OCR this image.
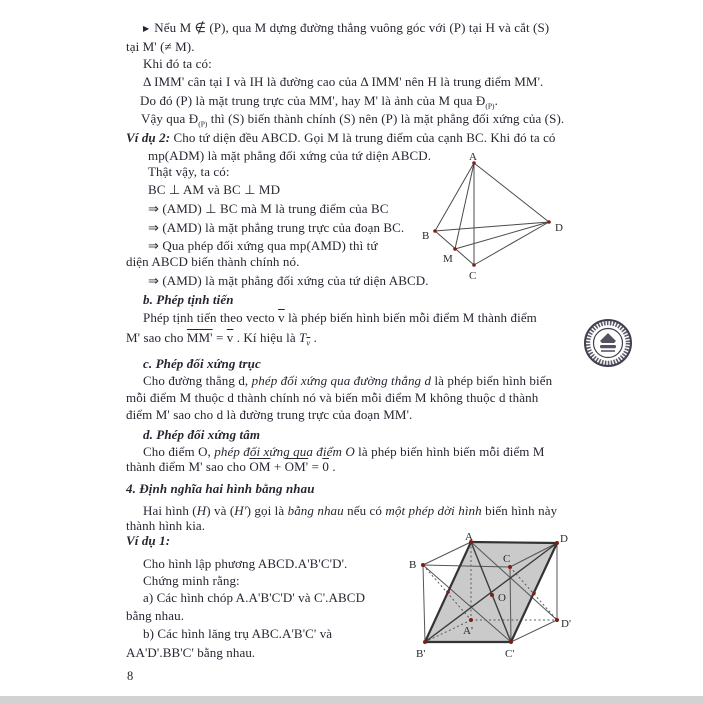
▶ Nếu M ∉ (P), qua M dựng đường thẳng vuông góc với (P) tại H và cắt (S)
tại M' (≠ M).
Khi đó ta có:
Δ IMM' cân tại I và IH là đường cao của Δ IMM' nên H là trung điểm MM'.
Do đó (P) là mặt trung trực của MM', hay M' là ảnh của M qua $Đ_{(P)}$.
Vậy qua $Đ_{(P)}$ thì (S) biến thành chính (S) nên (P) là mặt phẳng đối xứng của (S).
Ví dụ 2: Cho tứ diện đều ABCD. Gọi M là trung điểm của cạnh BC. Khi đó ta có
mp(ADM) là mặt phẳng đối xứng của tứ diện ABCD.
Thật vậy, ta có:
BC ⊥ AM và BC ⊥ MD
⇒ (AMD) ⊥ BC mà M là trung điểm của BC
⇒ (AMD) là mặt phẳng trung trực của đoạn BC.
⇒ Qua phép đối xứng qua mp(AMD) thì tứ
diện ABCD biến thành chính nó.
⇒ (AMD) là mặt phẳng đối xứng của tứ diện ABCD.
b. Phép tịnh tiến
Phép tịnh tiến theo vecto $\overline{v}$ là phép biến hình biến mỗi điểm M thành điểm
M' sao cho $MM' = \overline{v}$ . Kí hiệu là $T_{\overline{v}}$ .
c. Phép đối xứng trục
Cho đường thẳng d, phép đối xứng qua đường thẳng d là phép biến hình biến
mỗi điểm M thuộc d thành chính nó và biến mỗi điểm M không thuộc d thành
điểm M' sao cho d là đường trung trực của đoạn MM'.
d. Phép đối xứng tâm
Cho điểm O, phép đối xứng qua điểm O là phép biến hình biến mỗi điểm M
thành điểm M' sao cho $\overline{OM} + OM' = 0$ .
4. Định nghĩa hai hình bằng nhau
Hai hình (H) và (H') gọi là bằng nhau nếu có một phép dời hình biến hình này
thành hình kia.
Ví dụ 1:
Cho hình lập phương ABCD.A'B'C'D'.
Chứng minh rằng:
a) Các hình chóp A.A'B'C'D' và C'.ABCD
bằng nhau.
b) Các hình lăng trụ ABC.A'B'C' và
AA'D'.BB'C' bằng nhau.
A
B
D
M
C
A	D
B	C
O
A'
D'
B'	C'
8
